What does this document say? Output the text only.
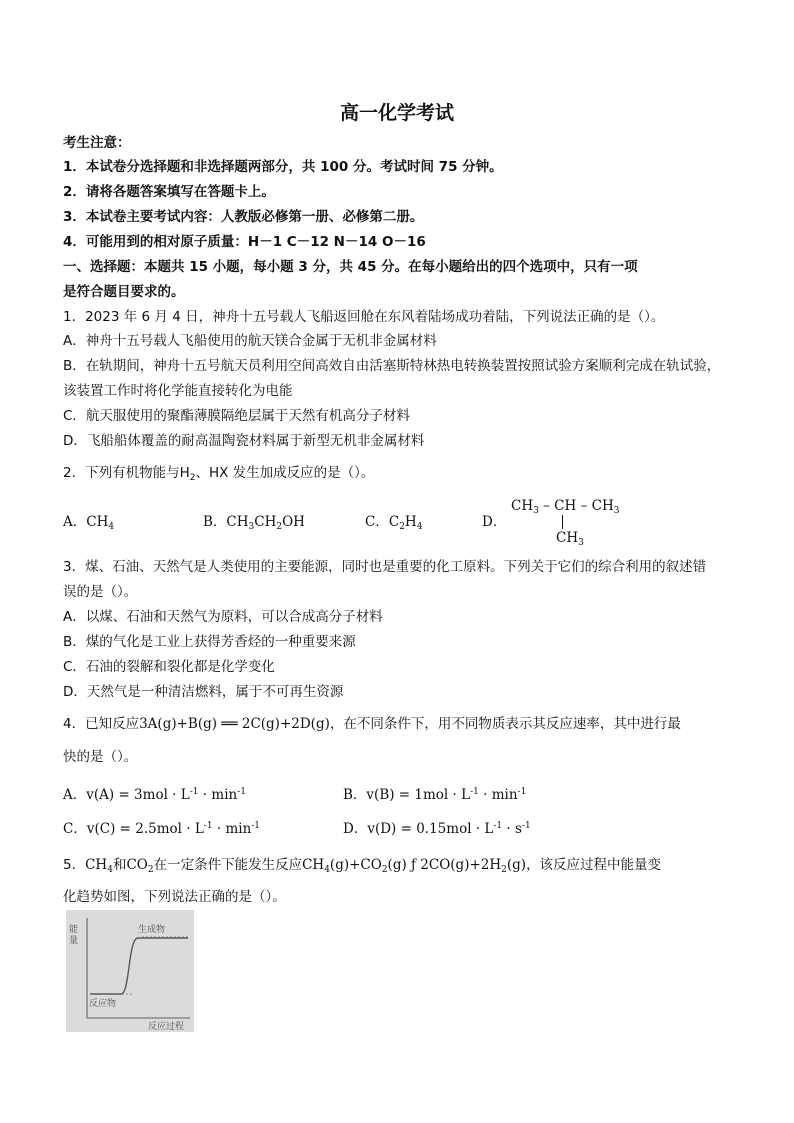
高一化学考试
考生注意：
1．本试卷分选择题和非选择题两部分，共 100 分。考试时间 75 分钟。
2．请将各题答案填写在答题卡上。
3．本试卷主要考试内容：人教版必修第一册、必修第二册。
4．可能用到的相对原子质量：H－1 C－12 N－14 O－16
一、选择题：本题共 15 小题，每小题 3 分，共 45 分。在每小题给出的四个选项中，只有一项
是符合题目要求的。
1．2023 年 6 月 4 日，神舟十五号载人飞船返回舱在东风着陆场成功着陆，下列说法正确的是（）。
A．神舟十五号载人飞船使用的航天镁合金属于无机非金属材料
B．在轨期间，神舟十五号航天员利用空间高效自由活塞斯特林热电转换装置按照试验方案顺利完成在轨试验，
该装置工作时将化学能直接转化为电能
C．航天服使用的聚酯薄膜隔绝层属于天然有机高分子材料
D．飞船船体覆盖的耐高温陶瓷材料属于新型无机非金属材料
2．下列有机物能与$H_2$、HX 发生加成反应的是（）。
A．$CH_4$	B．$CH_3CH_2OH$	C．$C_2H_4$	D．
$CH_3$ – CH – $CH_3$
$CH_3$
3．煤、石油、天然气是人类使用的主要能源，同时也是重要的化工原料。下列关于它们的综合利用的叙述错
误的是（）。
A．以煤、石油和天然气为原料，可以合成高分子材料
B．煤的气化是工业上获得芳香烃的一种重要来源
C．石油的裂解和裂化都是化学变化
D．天然气是一种清洁燃料，属于不可再生资源
4．已知反应3A(g)+B(g) ══ 2C(g)+2D(g)，在不同条件下，用不同物质表示其反应速率，其中进行最
快的是（）。
A．$v(A) = 3mol \cdot L^{-1} \cdot \min^{-1}$	B．$v(B) = 1mol \cdot L^{-1} \cdot \min^{-1}$
C．$v(C) = 2.5mol \cdot L^{-1} \cdot \min^{-1}$	D．$v(D) = 0.15mol \cdot L^{-1} \cdot s^{-1}$
5．$CH_4$和$CO_2$在一定条件下能发生反应$CH_4(g)+CO_2(g)$ ƒ $2CO(g)+2H_2(g)$，该反应过程中能量变
化趋势如图，下列说法正确的是（）。
能
量
生成物
反应物
反应过程
